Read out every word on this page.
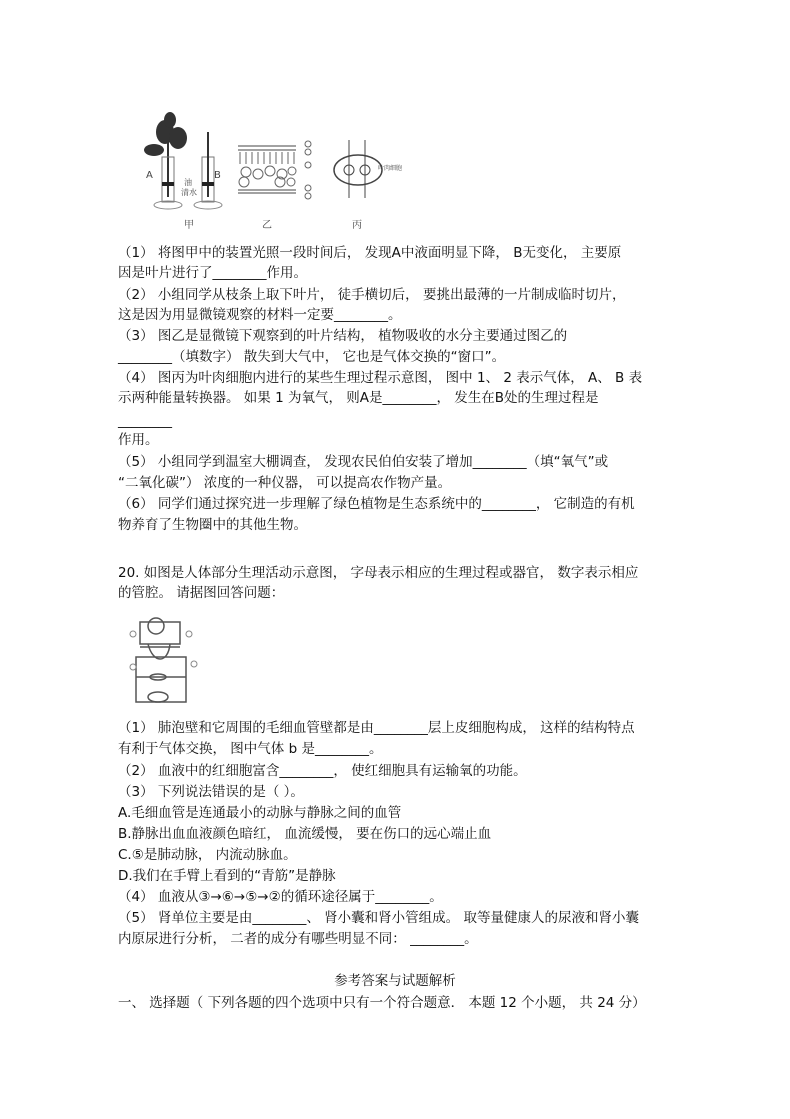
A	B
油
清水
叶肉细胞
甲	乙	丙
（1） 将图甲中的装置光照一段时间后， 发现A中液面明显下降， B无变化， 主要原
因是叶片进行了________作用。
（2） 小组同学从枝条上取下叶片， 徒手横切后， 要挑出最薄的一片制成临时切片，
这是因为用显微镜观察的材料一定要________。
（3） 图乙是显微镜下观察到的叶片结构， 植物吸收的水分主要通过图乙的
________（填数字） 散失到大气中， 它也是气体交换的“窗口”。
（4） 图丙为叶肉细胞内进行的某些生理过程示意图， 图中 1、 2 表示气体， A、 B 表
示两种能量转换器。 如果 1 为氧气， 则A是________， 发生在B处的生理过程是
________
作用。
（5） 小组同学到温室大棚调查， 发现农民伯伯安装了增加________（填“氧气”或
“二氧化碳”） 浓度的一种仪器， 可以提高农作物产量。
（6） 同学们通过探究进一步理解了绿色植物是生态系统中的________， 它制造的有机
物养育了生物圈中的其他生物。
20. 如图是人体部分生理活动示意图， 字母表示相应的生理过程或器官， 数字表示相应
的管腔。 请据图回答问题：
（1） 肺泡壁和它周围的毛细血管壁都是由________层上皮细胞构成， 这样的结构特点
有利于气体交换， 图中气体 b 是________。
（2） 血液中的红细胞富含________， 使红细胞具有运输氧的功能。
（3） 下列说法错误的是（ ）。
A.毛细血管是连通最小的动脉与静脉之间的血管
B.静脉出血血液颜色暗红， 血流缓慢， 要在伤口的远心端止血
C.⑤是肺动脉， 内流动脉血。
D.我们在手臂上看到的“青筋”是静脉
（4） 血液从③→⑥→⑤→②的循环途径属于________。
（5） 肾单位主要是由________、 肾小囊和肾小管组成。 取等量健康人的尿液和肾小囊
内原尿进行分析， 二者的成分有哪些明显不同： ________。
参考答案与试题解析
一、 选择题（ 下列各题的四个选项中只有一个符合题意． 本题 12 个小题， 共 24 分）
